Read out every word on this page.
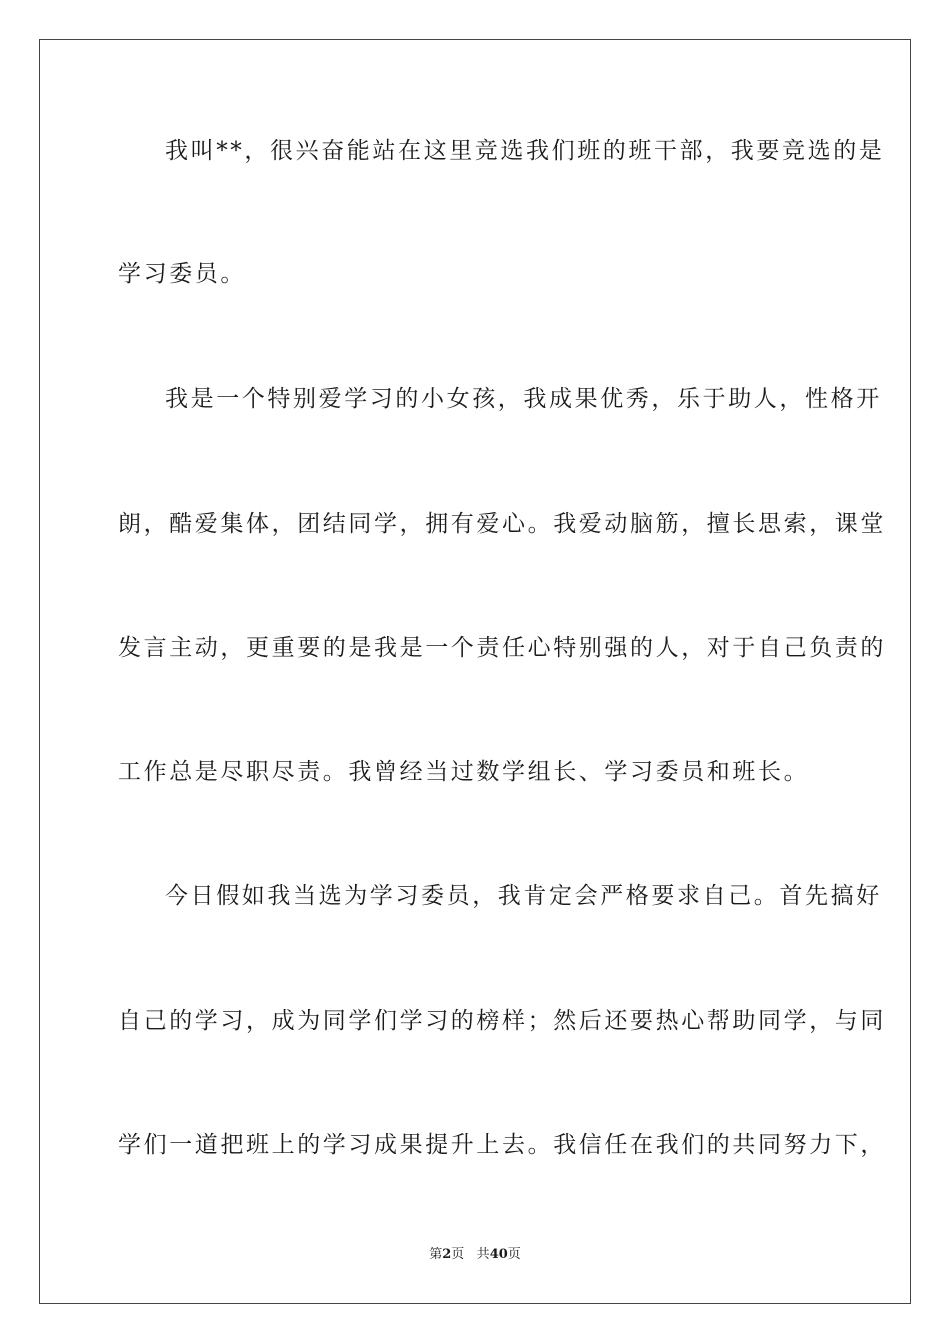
我叫**，很兴奋能站在这里竞选我们班的班干部，我要竞选的是
学习委员。
我是一个特别爱学习的小女孩，我成果优秀，乐于助人，性格开
朗，酷爱集体，团结同学，拥有爱心。我爱动脑筋，擅长思索，课堂
发言主动，更重要的是我是一个责任心特别强的人，对于自己负责的
工作总是尽职尽责。我曾经当过数学组长、学习委员和班长。
今日假如我当选为学习委员，我肯定会严格要求自己。首先搞好
自己的学习，成为同学们学习的榜样；然后还要热心帮助同学，与同
学们一道把班上的学习成果提升上去。我信任在我们的共同努力下，
第2页 共40页
